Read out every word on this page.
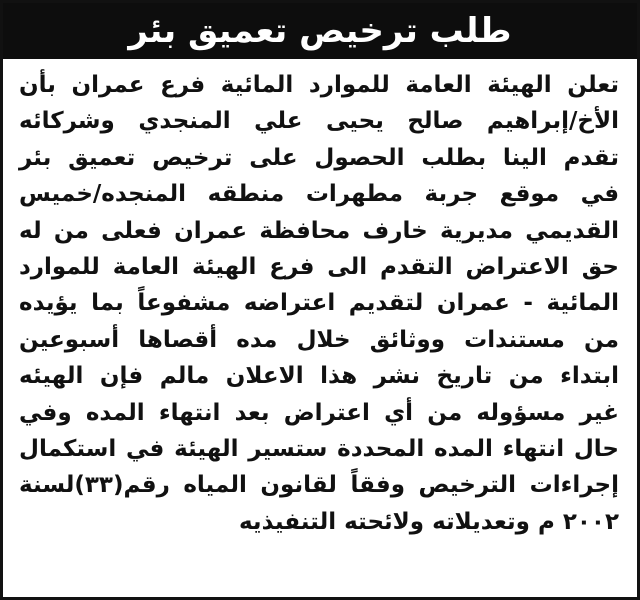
طلب ترخيص تعميق بئر
تعلن الهيئة العامة للموارد المائية فرع عمران بأن
الأخ/إبراهيم صالح يحيى علي المنجدي وشركائه
تقدم الينا بطلب الحصول على ترخيص تعميق بئر
في موقع جربة مطهرات منطقه المنجده/خميس
القديمي مديرية خارف محافظة عمران فعلى من له
حق الاعتراض التقدم الى فرع الهيئة العامة للموارد
المائية - عمران لتقديم اعتراضه مشفوعاً بما يؤيده
من مستندات ووثائق خلال مده أقصاها أسبوعين
ابتداء من تاريخ نشر هذا الاعلان مالم فإن الهيئه
غير مسؤوله من أي اعتراض بعد انتهاء المده وفي
حال انتهاء المده المحددة ستسير الهيئة في استكمال
إجراءات الترخيص وفقاً لقانون المياه رقم(٣٣)لسنة
٢٠٠٢ م وتعديلاته ولائحته التنفيذيه
